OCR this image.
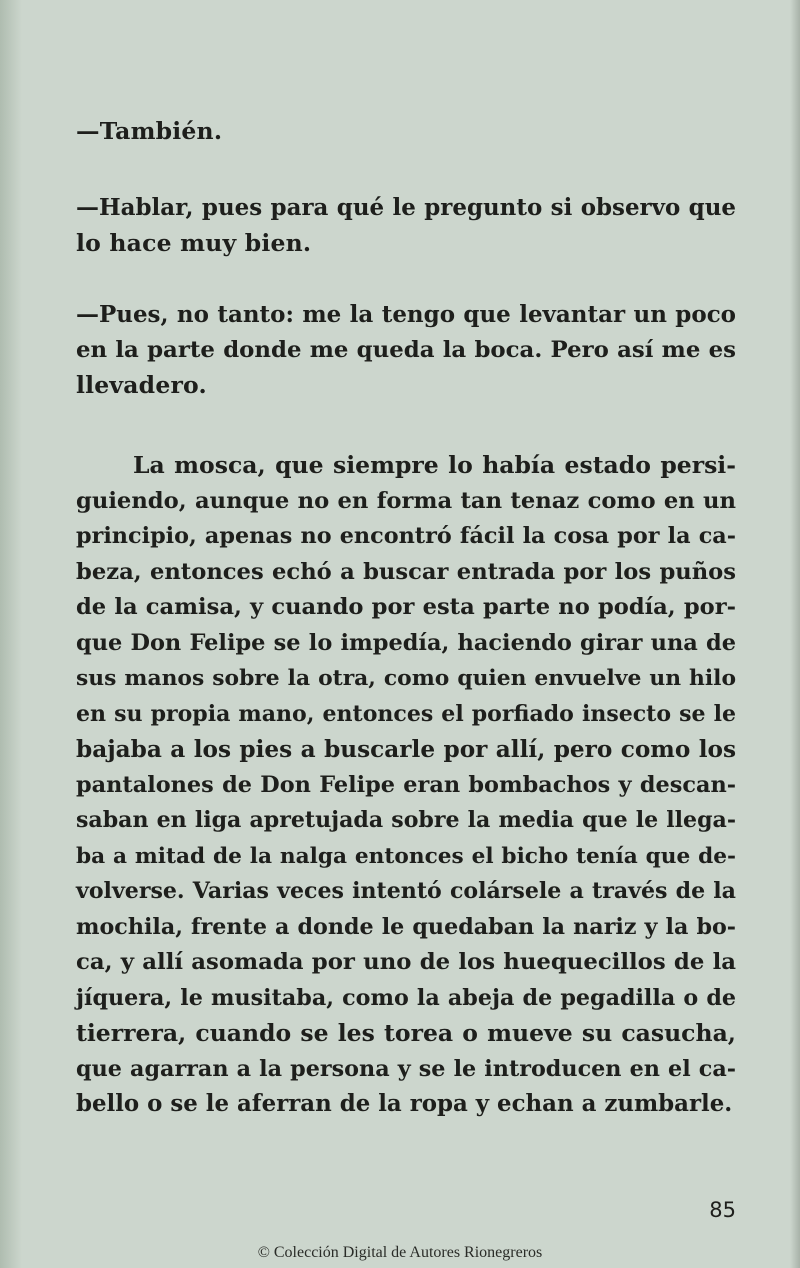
—También.
—Hablar, pues para qué le pregunto si observo que
lo hace muy bien.
—Pues, no tanto: me la tengo que levantar un poco
en la parte donde me queda la boca. Pero así me es
llevadero.
La mosca, que siempre lo había estado persi-
guiendo, aunque no en forma tan tenaz como en un
principio, apenas no encontró fácil la cosa por la ca-
beza, entonces echó a buscar entrada por los puños
de la camisa, y cuando por esta parte no podía, por-
que Don Felipe se lo impedía, haciendo girar una de
sus manos sobre la otra, como quien envuelve un hilo
en su propia mano, entonces el porfiado insecto se le
bajaba a los pies a buscarle por allí, pero como los
pantalones de Don Felipe eran bombachos y descan-
saban en liga apretujada sobre la media que le llega-
ba a mitad de la nalga entonces el bicho tenía que de-
volverse. Varias veces intentó colársele a través de la
mochila, frente a donde le quedaban la nariz y la bo-
ca, y allí asomada por uno de los huequecillos de la
jíquera, le musitaba, como la abeja de pegadilla o de
tierrera, cuando se les torea o mueve su casucha,
que agarran a la persona y se le introducen en el ca-
bello o se le aferran de la ropa y echan a zumbarle.
85
© Colección Digital de Autores Rionegreros
